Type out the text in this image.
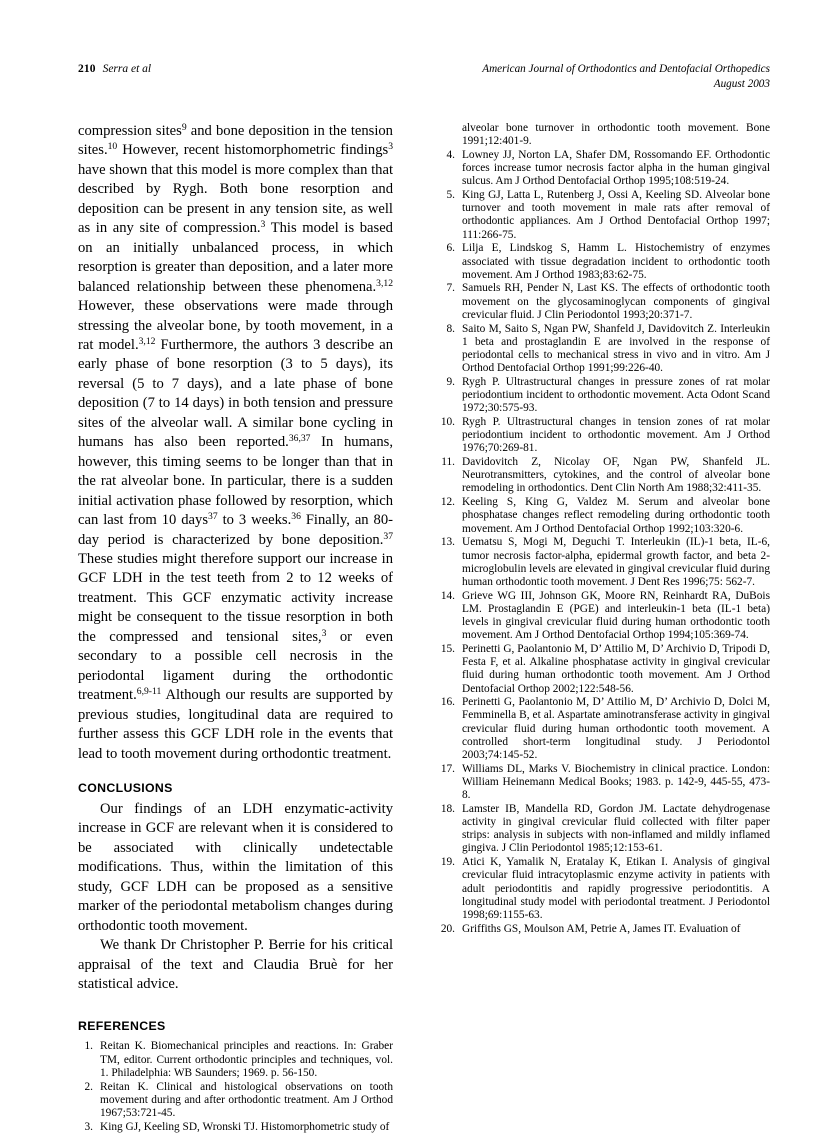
210 Serra et al	American Journal of Orthodontics and Dentofacial Orthopedics
August 2003

compression sites$^9$ and bone deposition in the tension sites.$^{10}$ However, recent histomorphometric findings$^3$ have shown that this model is more complex than that described by Rygh. Both bone resorption and deposition can be present in any tension site, as well as in any site of compression.$^3$ This model is based on an initially unbalanced process, in which resorption is greater than deposition, and a later more balanced relationship between these phenomena.$^{3,12}$ However, these observations were made through stressing the alveolar bone, by tooth movement, in a rat model.$^{3,12}$ Furthermore, the authors 3 describe an early phase of bone resorption (3 to 5 days), its reversal (5 to 7 days), and a late phase of bone deposition (7 to 14 days) in both tension and pressure sites of the alveolar wall. A similar bone cycling in humans has also been reported.$^{36,37}$ In humans, however, this timing seems to be longer than that in the rat alveolar bone. In particular, there is a sudden initial activation phase followed by resorption, which can last from 10 days$^{37}$ to 3 weeks.$^{36}$ Finally, an 80-day period is characterized by bone deposition.$^{37}$ These studies might therefore support our increase in GCF LDH in the test teeth from 2 to 12 weeks of treatment. This GCF enzymatic activity increase might be consequent to the tissue resorption in both the compressed and tensional sites,$^3$ or even secondary to a possible cell necrosis in the periodontal ligament during the orthodontic treatment.$^{6,9-11}$ Although our results are supported by previous studies, longitudinal data are required to further assess this GCF LDH role in the events that lead to tooth movement during orthodontic treatment.

CONCLUSIONS

Our findings of an LDH enzymatic-activity increase in GCF are relevant when it is considered to be associated with clinically undetectable modifications. Thus, within the limitation of this study, GCF LDH can be proposed as a sensitive marker of the periodontal metabolism changes during orthodontic tooth movement.

We thank Dr Christopher P. Berrie for his critical appraisal of the text and Claudia Bruè for her statistical advice.

REFERENCES
1. Reitan K. Biomechanical principles and reactions. In: Graber TM, editor. Current orthodontic principles and techniques, vol. 1. Philadelphia: WB Saunders; 1969. p. 56-150.
2. Reitan K. Clinical and histological observations on tooth movement during and after orthodontic treatment. Am J Orthod 1967;53:721-45.
3. King GJ, Keeling SD, Wronski TJ. Histomorphometric study of
alveolar bone turnover in orthodontic tooth movement. Bone 1991;12:401-9.
4. Lowney JJ, Norton LA, Shafer DM, Rossomando EF. Orthodontic forces increase tumor necrosis factor alpha in the human gingival sulcus. Am J Orthod Dentofacial Orthop 1995;108:519-24.
5. King GJ, Latta L, Rutenberg J, Ossi A, Keeling SD. Alveolar bone turnover and tooth movement in male rats after removal of orthodontic appliances. Am J Orthod Dentofacial Orthop 1997; 111:266-75.
6. Lilja E, Lindskog S, Hamm L. Histochemistry of enzymes associated with tissue degradation incident to orthodontic tooth movement. Am J Orthod 1983;83:62-75.
7. Samuels RH, Pender N, Last KS. The effects of orthodontic tooth movement on the glycosaminoglycan components of gingival crevicular fluid. J Clin Periodontol 1993;20:371-7.
8. Saito M, Saito S, Ngan PW, Shanfeld J, Davidovitch Z. Interleukin 1 beta and prostaglandin E are involved in the response of periodontal cells to mechanical stress in vivo and in vitro. Am J Orthod Dentofacial Orthop 1991;99:226-40.
9. Rygh P. Ultrastructural changes in pressure zones of rat molar periodontium incident to orthodontic movement. Acta Odont Scand 1972;30:575-93.
10. Rygh P. Ultrastructural changes in tension zones of rat molar periodontium incident to orthodontic movement. Am J Orthod 1976;70:269-81.
11. Davidovitch Z, Nicolay OF, Ngan PW, Shanfeld JL. Neurotransmitters, cytokines, and the control of alveolar bone remodeling in orthodontics. Dent Clin North Am 1988;32:411-35.
12. Keeling S, King G, Valdez M. Serum and alveolar bone phosphatase changes reflect remodeling during orthodontic tooth movement. Am J Orthod Dentofacial Orthop 1992;103:320-6.
13. Uematsu S, Mogi M, Deguchi T. Interleukin (IL)-1 beta, IL-6, tumor necrosis factor-alpha, epidermal growth factor, and beta 2-microglobulin levels are elevated in gingival crevicular fluid during human orthodontic tooth movement. J Dent Res 1996;75: 562-7.
14. Grieve WG III, Johnson GK, Moore RN, Reinhardt RA, DuBois LM. Prostaglandin E (PGE) and interleukin-1 beta (IL-1 beta) levels in gingival crevicular fluid during human orthodontic tooth movement. Am J Orthod Dentofacial Orthop 1994;105:369-74.
15. Perinetti G, Paolantonio M, D’ Attilio M, D’ Archivio D, Tripodi D, Festa F, et al. Alkaline phosphatase activity in gingival crevicular fluid during human orthodontic tooth movement. Am J Orthod Dentofacial Orthop 2002;122:548-56.
16. Perinetti G, Paolantonio M, D’ Attilio M, D’ Archivio D, Dolci M, Femminella B, et al. Aspartate aminotransferase activity in gingival crevicular fluid during human orthodontic tooth movement. A controlled short-term longitudinal study. J Periodontol 2003;74:145-52.
17. Williams DL, Marks V. Biochemistry in clinical practice. London: William Heinemann Medical Books; 1983. p. 142-9, 445-55, 473-8.
18. Lamster IB, Mandella RD, Gordon JM. Lactate dehydrogenase activity in gingival crevicular fluid collected with filter paper strips: analysis in subjects with non-inflamed and mildly inflamed gingiva. J Clin Periodontol 1985;12:153-61.
19. Atici K, Yamalik N, Eratalay K, Etikan I. Analysis of gingival crevicular fluid intracytoplasmic enzyme activity in patients with adult periodontitis and rapidly progressive periodontitis. A longitudinal study model with periodontal treatment. J Periodontol 1998;69:1155-63.
20. Griffiths GS, Moulson AM, Petrie A, James IT. Evaluation of
